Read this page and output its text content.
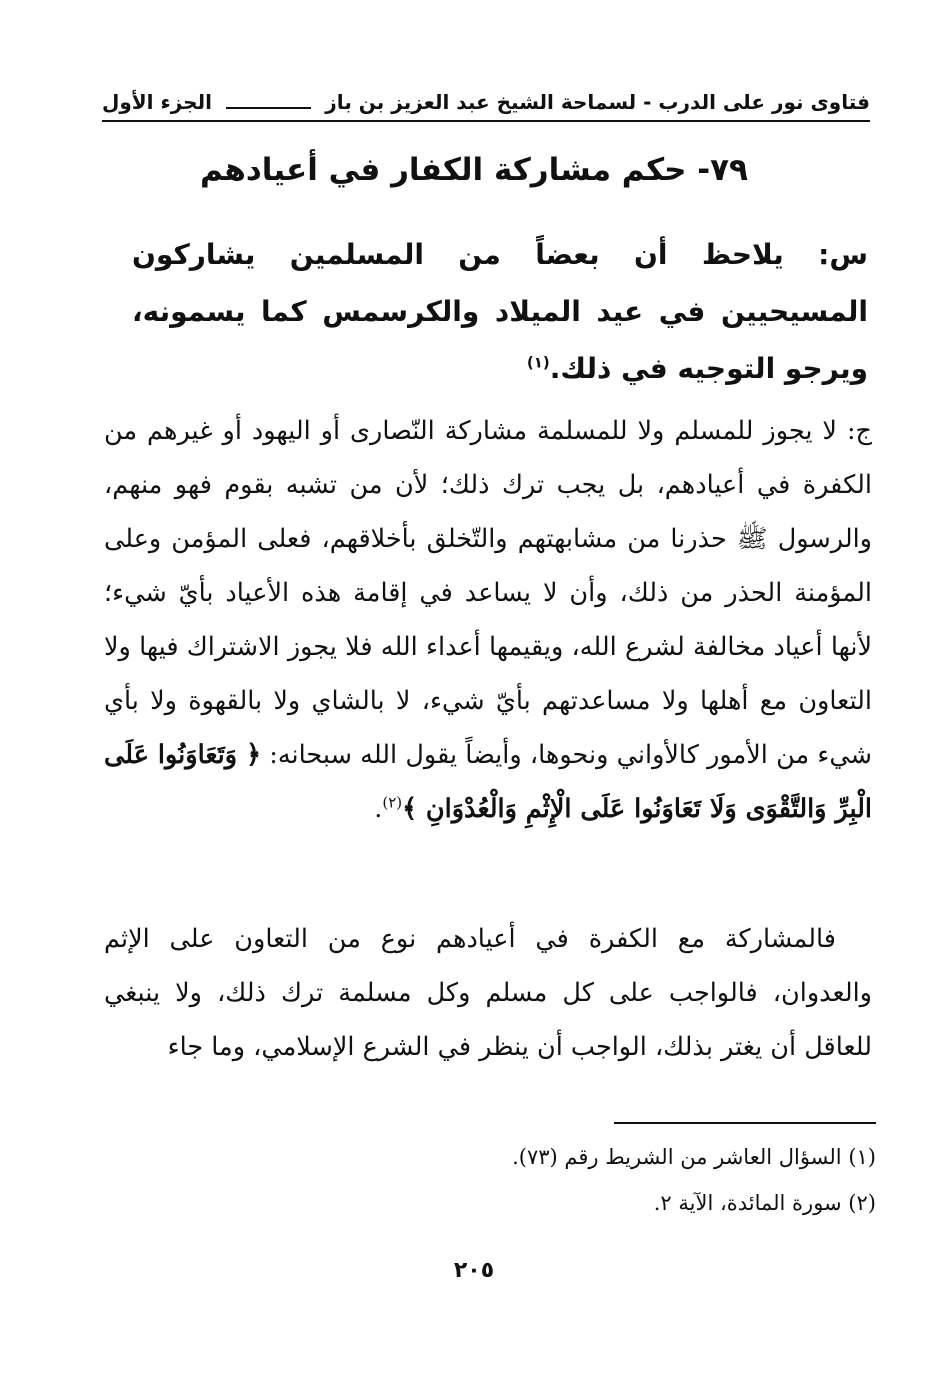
فتاوى نور على الدرب - لسماحة الشيخ عبد العزيز بن باز
الجزء الأول
٧٩- حكم مشاركة الكفار في أعيادهم
س: يلاحظ أن بعضاً من المسلمين يشاركون المسيحيين في عيد الميلاد والكرسمس كما يسمونه، ويرجو التوجيه في ذلك.$^{(١)}$
ج: لا يجوز للمسلم ولا للمسلمة مشاركة النّصارى أو اليهود أو غيرهم من الكفرة في أعيادهم، بل يجب ترك ذلك؛ لأن من تشبه بقوم فهو منهم، والرسول ﷺ حذرنا من مشابهتهم والتّخلق بأخلاقهم، فعلى المؤمن وعلى المؤمنة الحذر من ذلك، وأن لا يساعد في إقامة هذه الأعياد بأيّ شيء؛ لأنها أعياد مخالفة لشرع الله، ويقيمها أعداء الله فلا يجوز الاشتراك فيها ولا التعاون مع أهلها ولا مساعدتهم بأيّ شيء، لا بالشاي ولا بالقهوة ولا بأي شيء من الأمور كالأواني ونحوها، وأيضاً يقول الله سبحانه: ﴿ وَتَعَاوَنُوا عَلَى الْبِرِّ وَالتَّقْوَى وَلَا تَعَاوَنُوا عَلَى الْإِثْمِ وَالْعُدْوَانِ ﴾$^{(٢)}$.
فالمشاركة مع الكفرة في أعيادهم نوع من التعاون على الإثم والعدوان، فالواجب على كل مسلم وكل مسلمة ترك ذلك، ولا ينبغي للعاقل أن يغتر بذلك، الواجب أن ينظر في الشرع الإسلامي، وما جاء
(١) السؤال العاشر من الشريط رقم (٧٣).
(٢) سورة المائدة، الآية ٢.
٢٠٥
